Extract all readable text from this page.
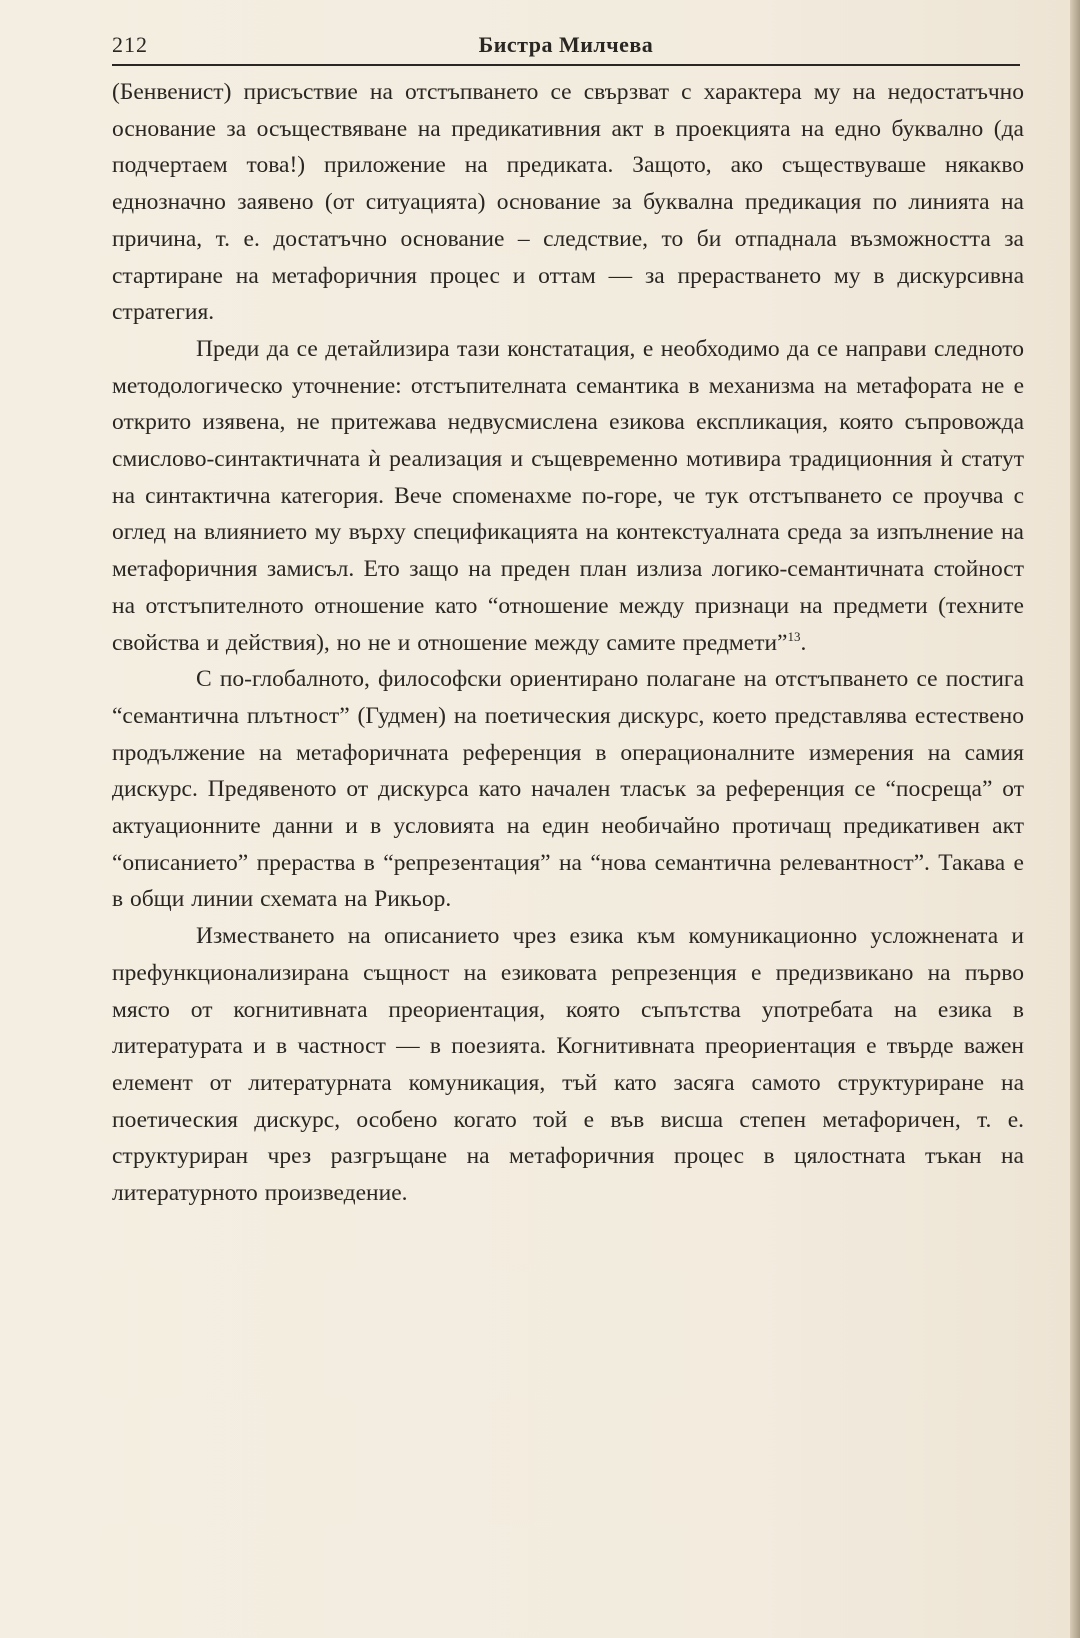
212	Бистра Милчева

(Бенвенист) присъствие на отстъпването се свързват с характера му на недостатъчно основание за осъществяване на предикативния акт в проекцията на едно буквално (да подчертаем това!) приложение на предиката. Защото, ако съществуваше някакво еднозначно заявено (от ситуацията) основание за буквална предикация по линията на причина, т. е. достатъчно основание – следствие, то би отпаднала възможността за стартиране на метафоричния процес и оттам — за прерастването му в дискурсивна стратегия.

Преди да се детайлизира тази констатация, е необходимо да се направи следното методологическо уточнение: отстъпителната семантика в механизма на метафората не е открито изявена, не притежава недвусмислена езикова експликация, която съпровожда смислово-синтактичната ѝ реализация и същевременно мотивира традиционния ѝ статут на синтактична категория. Вече споменахме по-горе, че тук отстъпването се проучва с оглед на влиянието му върху спецификацията на контекстуалната среда за изпълнение на метафоричния замисъл. Ето защо на преден план излиза логико-семантичната стойност на отстъпителното отношение като “отношение между признаци на предмети (техните свойства и действия), но не и отношение между самите предмети”$^{13}$.

С по-глобалното, философски ориентирано полагане на отстъпването се постига “семантична плътност” (Гудмен) на поетическия дискурс, което представлява естествено продължение на метафоричната референция в операционалните измерения на самия дискурс. Предявеното от дискурса като начален тласък за референция се “посреща” от актуационните данни и в условията на един необичайно протичащ предикативен акт “описанието” прераства в “репрезентация” на “нова семантична релевантност”. Такава е в общи линии схемата на Рикьор.

Изместването на описанието чрез езика към комуникационно усложнената и префункционализирана същност на езиковата репрезенция е предизвикано на първо място от когнитивната преориентация, която съпътства употребата на езика в литературата и в частност — в поезията. Когнитивната преориентация е твърде важен елемент от литературната комуникация, тъй като засяга самото структуриране на поетическия дискурс, особено когато той е във висша степен метафоричен, т. е. структуриран чрез разгръщане на метафоричния процес в цялостната тъкан на литературното произведение.
